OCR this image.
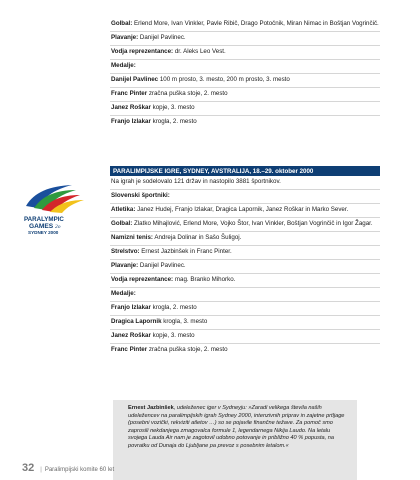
Golbal: Erlend More, Ivan Vinkler, Pavle Ribič, Drago Potočnik, Miran Nimac in Boštjan Vogrinčič.
Plavanje: Danijel Pavlinec.
Vodja reprezentance: dr. Aleks Leo Vest.
Medalje:
Danijel Pavlinec 100 m prosto, 3. mesto, 200 m prosto, 3. mesto
Franc Pinter zračna puška stoje, 2. mesto
Janez Roškar kopje, 3. mesto
Franjo Izlakar krogla, 2. mesto
PARALYMPIC
GAMES 2o
SYDNEY 2000
PARALIMPIJSKE IGRE, SYDNEY, AVSTRALIJA, 18.–29. oktober 2000
Na igrah je sodelovalo 121 držav in nastopilo 3881 športnikov.
Slovenski športniki:
Atletika: Janez Hudej, Franjo Izlakar, Dragica Lapornik, Janez Roškar in Marko Sever.
Golbal: Zlatko Mihajlović, Erlend More, Vojko Štor, Ivan Vinkler, Boštjan Vogrinčič in Igor Žagar.
Namizni tenis: Andreja Dolinar in Sašo Šuligoj.
Strelstvo: Ernest Jazbinšek in Franc Pinter.
Plavanje: Danijel Pavlinec.
Vodja reprezentance: mag. Branko Mihorko.
Medalje:
Franjo Izlakar krogla, 2. mesto
Dragica Lapornik krogla, 3. mesto
Janez Roškar kopje, 3. mesto
Franc Pinter zračna puška stoje, 2. mesto
Ernest Jazbinšek, udeleženec iger v Sydneyju: »Zaradi velikega števila naših udeležencev na paralimpijskih igrah Sydney 2000, intenzivnih priprav in zajetne prtljage (posebni vozički, rekviziti atletov …) so se pojavile finančne težave. Za pomoč smo zaprosili nekdanjega zmagovalca formule 1, legendarnega Nikija Laudo. Na letalu svojega Lauda Air nam je zagotovil udobno potovanje in približno 40 % popusta, na povratku od Dunaja do Ljubljane pa prevoz s posebnim letalom.«
32 | Paralimpijski komite 60 let
